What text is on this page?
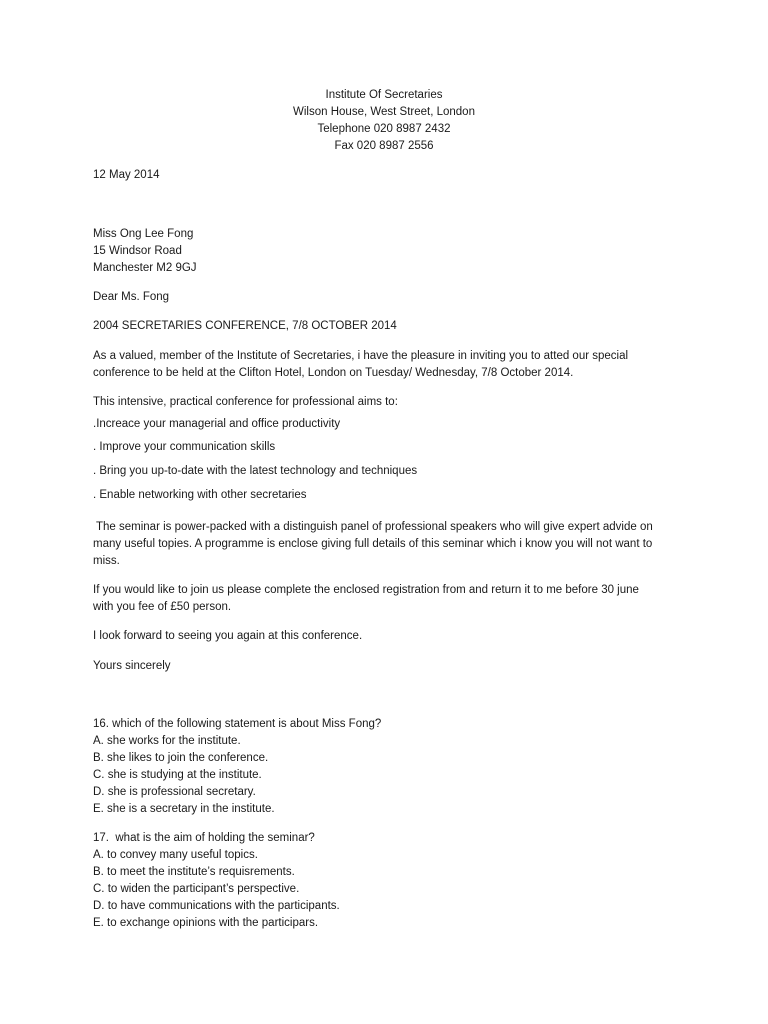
Institute Of Secretaries
Wilson House, West Street, London
Telephone 020 8987 2432
Fax 020 8987 2556
12 May 2014
Miss Ong Lee Fong
15 Windsor Road
Manchester M2 9GJ
Dear Ms. Fong
2004 SECRETARIES CONFERENCE, 7/8 OCTOBER 2014
As a valued, member of the Institute of Secretaries, i have the pleasure in inviting you to atted our special
conference to be held at the Clifton Hotel, London on Tuesday/ Wednesday, 7/8 October 2014.
This intensive, practical conference for professional aims to:
.Increace your managerial and office productivity
. Improve your communication skills
. Bring you up-to-date with the latest technology and techniques
. Enable networking with other secretaries
The seminar is power-packed with a distinguish panel of professional speakers who will give expert advide on
many useful topies. A programme is enclose giving full details of this seminar which i know you will not want to
miss.
If you would like to join us please complete the enclosed registration from and return it to me before 30 june
with you fee of £50 person.
I look forward to seeing you again at this conference.
Yours sincerely
16. which of the following statement is about Miss Fong?
A. she works for the institute.
B. she likes to join the conference.
C. she is studying at the institute.
D. she is professional secretary.
E. she is a secretary in the institute.
17.  what is the aim of holding the seminar?
A. to convey many useful topics.
B. to meet the institute’s requisrements.
C. to widen the participant’s perspective.
D. to have communications with the participants.
E. to exchange opinions with the participars.
